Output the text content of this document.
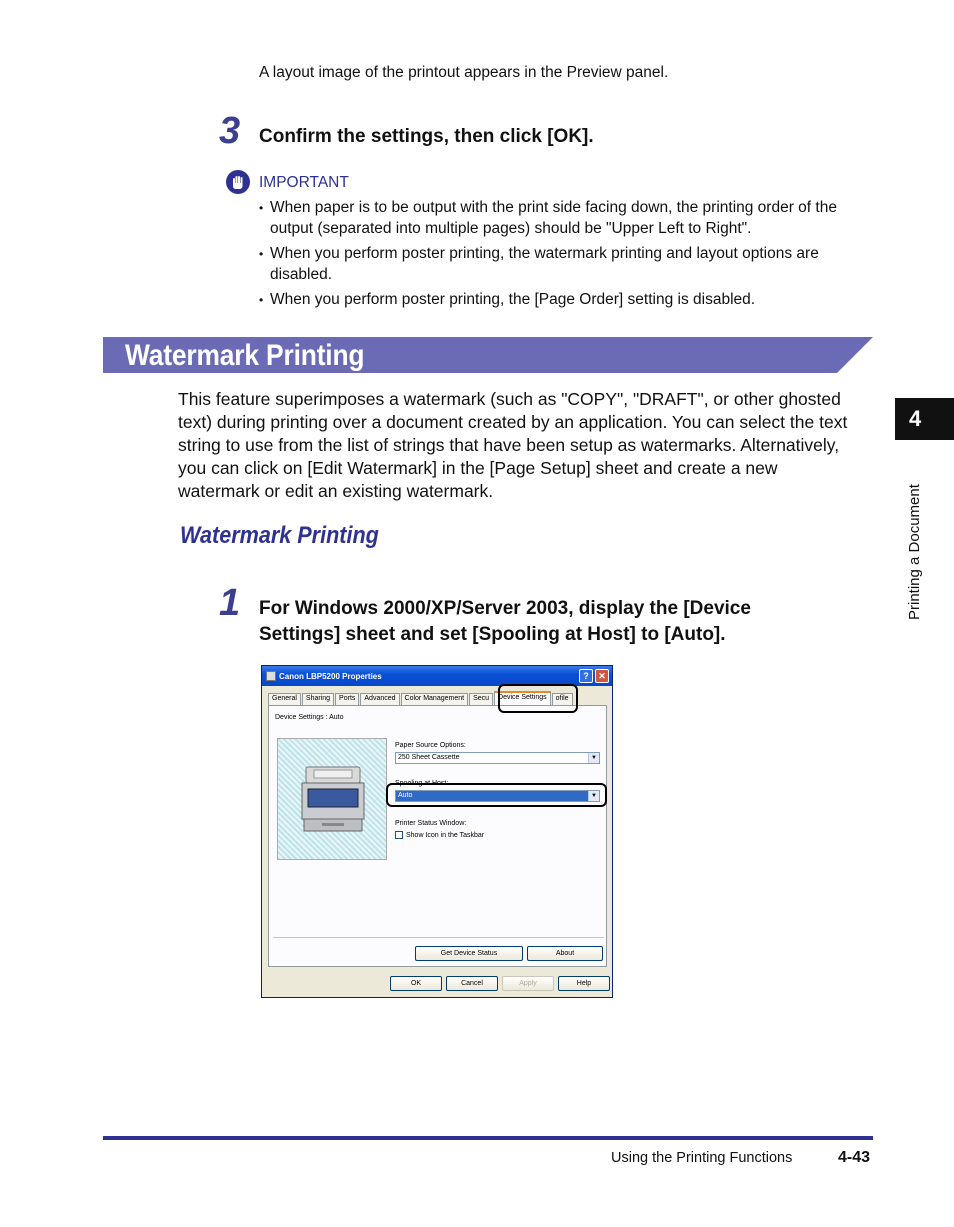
A layout image of the printout appears in the Preview panel.

3 Confirm the settings, then click [OK].

IMPORTANT
• When paper is to be output with the print side facing down, the printing order of the output (separated into multiple pages) should be "Upper Left to Right".
• When you perform poster printing, the watermark printing and layout options are disabled.
• When you perform poster printing, the [Page Order] setting is disabled.
Watermark Printing

This feature superimposes a watermark (such as "COPY", "DRAFT", or other ghosted text) during printing over a document created by an application. You can select the text string to use from the list of strings that have been setup as watermarks. Alternatively, you can click on [Edit Watermark] in the [Page Setup] sheet and create a new watermark or edit an existing watermark.

Watermark Printing
1 For Windows 2000/XP/Server 2003, display the [Device Settings] sheet and set [Spooling at Host] to [Auto].

Canon LBP5200 Properties	?	✕
General	Sharing	Ports	Advanced	Color Management	Secu	Device Settings	ofile
Device Settings : Auto
Paper Source Options:
250 Sheet Cassette	▼
Spooling at Host:
Auto	▼
Printer Status Window:
Show Icon in the Taskbar
Get Device Status	About
OK	Cancel	Apply	Help
4
Printing a Document
Using the Printing Functions	4-43
